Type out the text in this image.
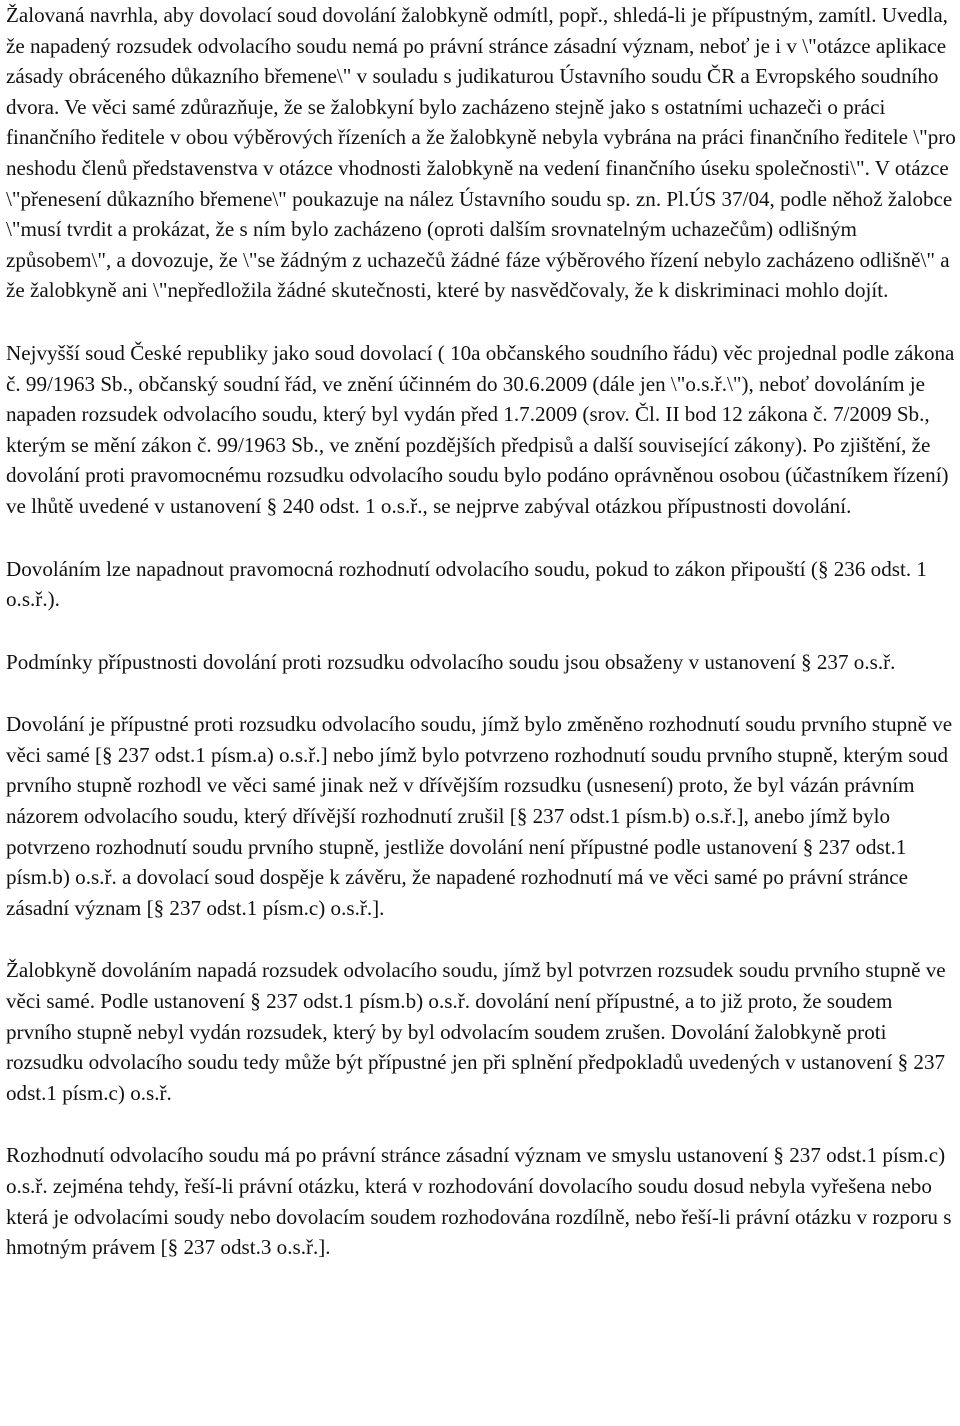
Žalovaná navrhla, aby dovolací soud dovolání žalobkyně odmítl, popř., shledá-li je přípustným, zamítl. Uvedla, že napadený rozsudek odvolacího soudu nemá po právní stránce zásadní význam, neboť je i v \"otázce aplikace zásady obráceného důkazního břemene\" v souladu s judikaturou Ústavního soudu ČR a Evropského soudního dvora. Ve věci samé zdůrazňuje, že se žalobkyní bylo zacházeno stejně jako s ostatními uchazeči o práci finančního ředitele v obou výběrových řízeních a že žalobkyně nebyla vybrána na práci finančního ředitele \"pro neshodu členů představenstva v otázce vhodnosti žalobkyně na vedení finančního úseku společnosti\". V otázce \"přenesení důkazního břemene\" poukazuje na nález Ústavního soudu sp. zn. Pl.ÚS 37/04, podle něhož žalobce \"musí tvrdit a prokázat, že s ním bylo zacházeno (oproti dalším srovnatelným uchazečům) odlišným způsobem\", a dovozuje, že \"se žádným z uchazečů žádné fáze výběrového řízení nebylo zacházeno odlišně\" a že žalobkyně ani \"nepředložila žádné skutečnosti, které by nasvědčovaly, že k diskriminaci mohlo dojít.

Nejvyšší soud České republiky jako soud dovolací ( 10a občanského soudního řádu) věc projednal podle zákona č. 99/1963 Sb., občanský soudní řád, ve znění účinném do 30.6.2009 (dále jen \"o.s.ř.\"), neboť dovoláním je napaden rozsudek odvolacího soudu, který byl vydán před 1.7.2009 (srov. Čl. II bod 12 zákona č. 7/2009 Sb., kterým se mění zákon č. 99/1963 Sb., ve znění pozdějších předpisů a další související zákony). Po zjištění, že dovolání proti pravomocnému rozsudku odvolacího soudu bylo podáno oprávněnou osobou (účastníkem řízení) ve lhůtě uvedené v ustanovení § 240 odst. 1 o.s.ř., se nejprve zabýval otázkou přípustnosti dovolání.

Dovoláním lze napadnout pravomocná rozhodnutí odvolacího soudu, pokud to zákon připouští (§ 236 odst. 1 o.s.ř.).

Podmínky přípustnosti dovolání proti rozsudku odvolacího soudu jsou obsaženy v ustanovení § 237 o.s.ř.

Dovolání je přípustné proti rozsudku odvolacího soudu, jímž bylo změněno rozhodnutí soudu prvního stupně ve věci samé [§ 237 odst.1 písm.a) o.s.ř.] nebo jímž bylo potvrzeno rozhodnutí soudu prvního stupně, kterým soud prvního stupně rozhodl ve věci samé jinak než v dřívějším rozsudku (usnesení) proto, že byl vázán právním názorem odvolacího soudu, který dřívější rozhodnutí zrušil [§ 237 odst.1 písm.b) o.s.ř.], anebo jímž bylo potvrzeno rozhodnutí soudu prvního stupně, jestliže dovolání není přípustné podle ustanovení § 237 odst.1 písm.b) o.s.ř. a dovolací soud dospěje k závěru, že napadené rozhodnutí má ve věci samé po právní stránce zásadní význam [§ 237 odst.1 písm.c) o.s.ř.].

Žalobkyně dovoláním napadá rozsudek odvolacího soudu, jímž byl potvrzen rozsudek soudu prvního stupně ve věci samé. Podle ustanovení § 237 odst.1 písm.b) o.s.ř. dovolání není přípustné, a to již proto, že soudem prvního stupně nebyl vydán rozsudek, který by byl odvolacím soudem zrušen. Dovolání žalobkyně proti rozsudku odvolacího soudu tedy může být přípustné jen při splnění předpokladů uvedených v ustanovení § 237 odst.1 písm.c) o.s.ř.

Rozhodnutí odvolacího soudu má po právní stránce zásadní význam ve smyslu ustanovení § 237 odst.1 písm.c) o.s.ř. zejména tehdy, řeší-li právní otázku, která v rozhodování dovolacího soudu dosud nebyla vyřešena nebo která je odvolacími soudy nebo dovolacím soudem rozhodována rozdílně, nebo řeší-li právní otázku v rozporu s hmotným právem [§ 237 odst.3 o.s.ř.].
